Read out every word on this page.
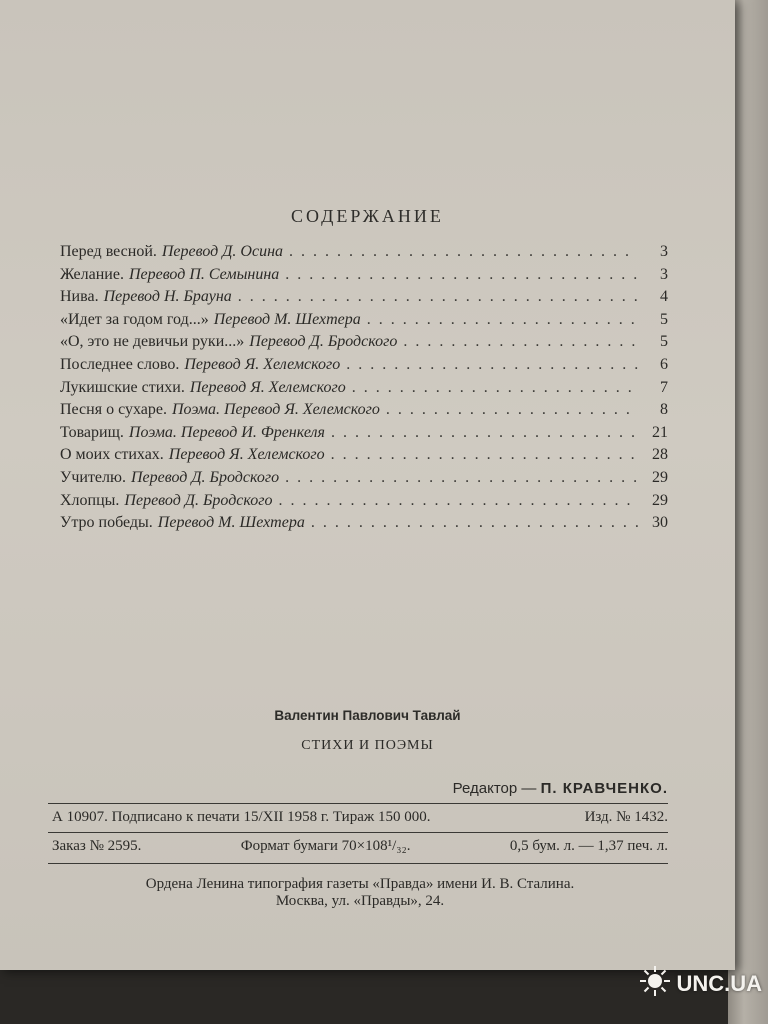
СОДЕРЖАНИЕ
Перед весной. Перевод Д. Осина . . .	3
Желание. Перевод П. Семынина . . .	3
Нива. Перевод Н. Брауна . . .	4
«Идет за годом год...» Перевод М. Шехтера . . .	5
«О, это не девичьи руки...» Перевод Д. Бродского . . .	5
Последнее слово. Перевод Я. Хелемского . . .	6
Лукишские стихи. Перевод Я. Хелемского . . .	7
Песня о сухаре. Поэма. Перевод Я. Хелемского . . .	8
Товарищ. Поэма. Перевод И. Френкеля . . .	21
О моих стихах. Перевод Я. Хелемского . . .	28
Учителю. Перевод Д. Бродского . . .	29
Хлопцы. Перевод Д. Бродского . . .	29
Утро победы. Перевод М. Шехтера . . .	30
Валентин Павлович Тавлай
СТИХИ И ПОЭМЫ
Редактор — П. КРАВЧЕНКО.
А 10907. Подписано к печати 15/XII 1958 г. Тираж 150 000.	Изд. № 1432.
Заказ № 2595.	Формат бумаги 70×108¹/₃₂.	0,5 бум. л. — 1,37 печ. л.
Ордена Ленина типография газеты «Правда» имени И. В. Сталина.
Москва, ул. «Правды», 24.
UNC.UA
